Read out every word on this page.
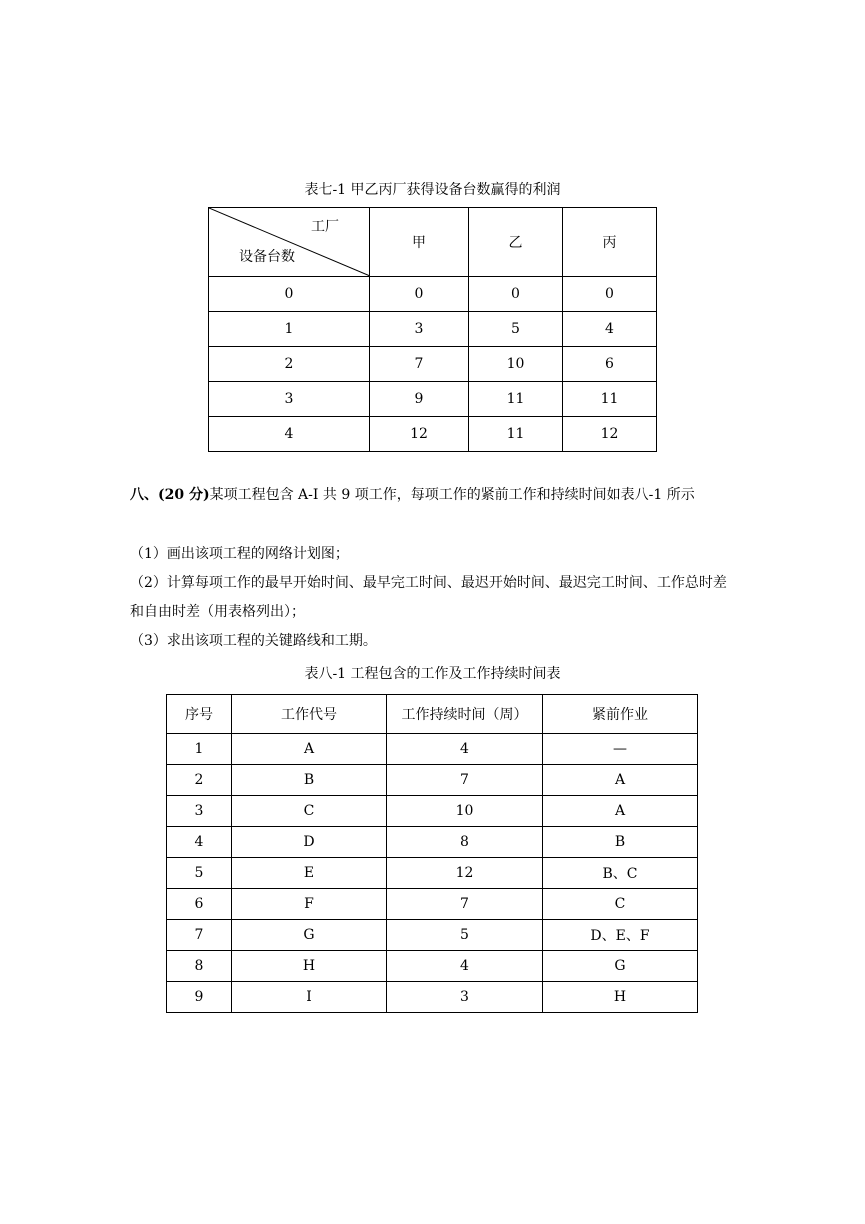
表七-1 甲乙丙厂获得设备台数赢得的利润
工厂
设备台数	甲	乙	丙
0	0	0	0
1	3	5	4
2	7	10	6
3	9	11	11
4	12	11	12
八、(20 分)某项工程包含 A-I 共 9 项工作，每项工作的紧前工作和持续时间如表八-1 所示
（1）画出该项工程的网络计划图；
（2）计算每项工作的最早开始时间、最早完工时间、最迟开始时间、最迟完工时间、工作总时差和自由时差（用表格列出）；
（3）求出该项工程的关键路线和工期。
表八-1 工程包含的工作及工作持续时间表
序号	工作代号	工作持续时间（周）	紧前作业
1	A	4	—
2	B	7	A
3	C	10	A
4	D	8	B
5	E	12	B、C
6	F	7	C
7	G	5	D、E、F
8	H	4	G
9	I	3	H
